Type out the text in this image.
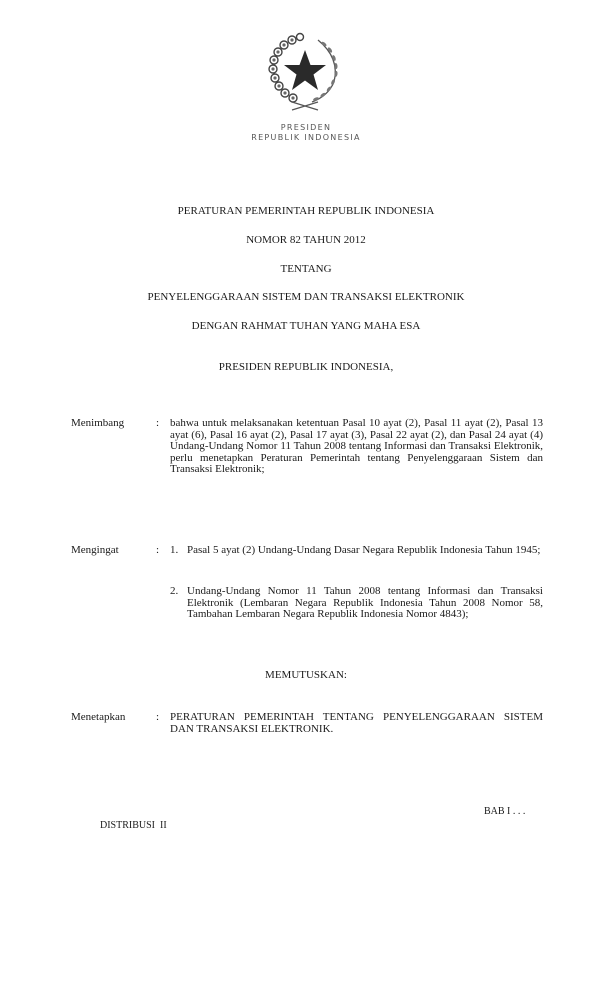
PRESIDEN
REPUBLIK INDONESIA
PERATURAN PEMERINTAH REPUBLIK INDONESIA
NOMOR 82 TAHUN 2012
TENTANG
PENYELENGGARAAN SISTEM DAN TRANSAKSI ELEKTRONIK
DENGAN RAHMAT TUHAN YANG MAHA ESA
PRESIDEN REPUBLIK INDONESIA,
Menimbang	: bahwa untuk melaksanakan ketentuan Pasal 10 ayat (2), Pasal 11 ayat (2), Pasal 13 ayat (6), Pasal 16 ayat (2), Pasal 17 ayat (3), Pasal 22 ayat (2), dan Pasal 24 ayat (4) Undang-Undang Nomor 11 Tahun 2008 tentang Informasi dan Transaksi Elektronik, perlu menetapkan Peraturan Pemerintah tentang Penyelenggaraan Sistem dan Transaksi Elektronik;
Mengingat	: 1. Pasal 5 ayat (2) Undang-Undang Dasar Negara Republik Indonesia Tahun 1945;
2. Undang-Undang Nomor 11 Tahun 2008 tentang Informasi dan Transaksi Elektronik (Lembaran Negara Republik Indonesia Tahun 2008 Nomor 58, Tambahan Lembaran Negara Republik Indonesia Nomor 4843);
MEMUTUSKAN:
Menetapkan	: PERATURAN PEMERINTAH TENTANG PENYELENGGARAAN SISTEM DAN TRANSAKSI ELEKTRONIK.
BAB I . . .
DISTRIBUSI  II
